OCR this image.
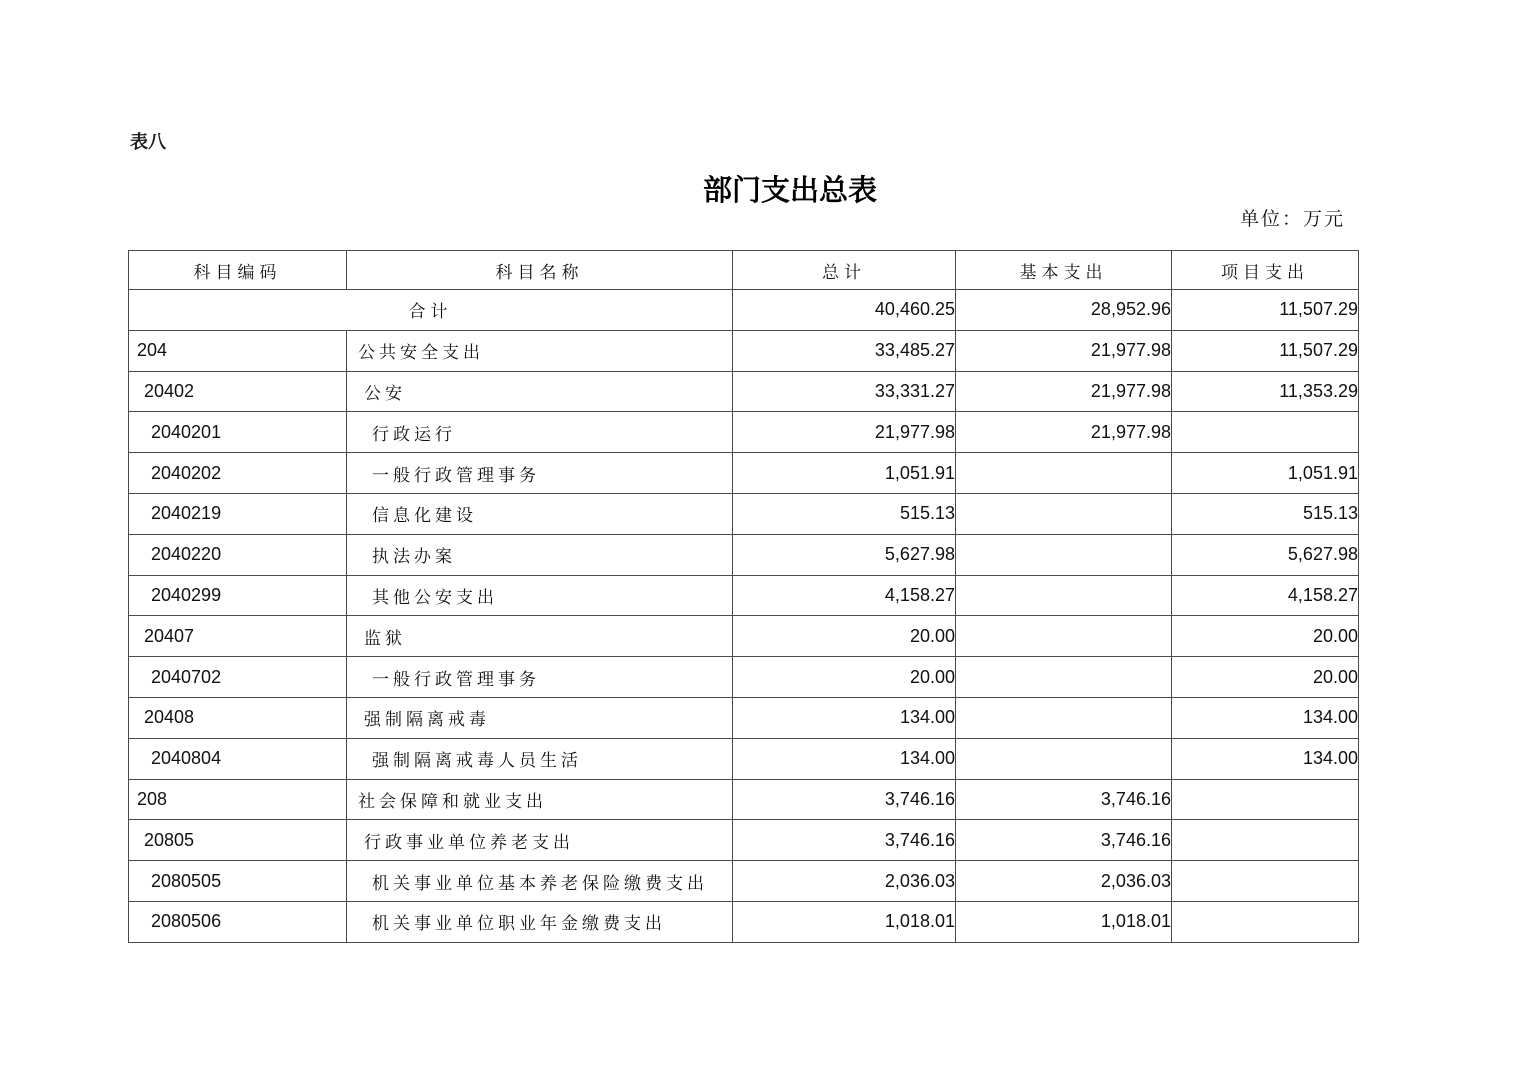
表八
部门支出总表
单位：万元
科目编码	科目名称	总计	基本支出	项目支出
合计		40,460.25	28,952.96	11,507.29
204	公共安全支出	33,485.27	21,977.98	11,507.29
20402	公安	33,331.27	21,977.98	11,353.29
2040201	行政运行	21,977.98	21,977.98	
2040202	一般行政管理事务	1,051.91		1,051.91
2040219	信息化建设	515.13		515.13
2040220	执法办案	5,627.98		5,627.98
2040299	其他公安支出	4,158.27		4,158.27
20407	监狱	20.00		20.00
2040702	一般行政管理事务	20.00		20.00
20408	强制隔离戒毒	134.00		134.00
2040804	强制隔离戒毒人员生活	134.00		134.00
208	社会保障和就业支出	3,746.16	3,746.16	
20805	行政事业单位养老支出	3,746.16	3,746.16	
2080505	机关事业单位基本养老保险缴费支出	2,036.03	2,036.03	
2080506	机关事业单位职业年金缴费支出	1,018.01	1,018.01	
